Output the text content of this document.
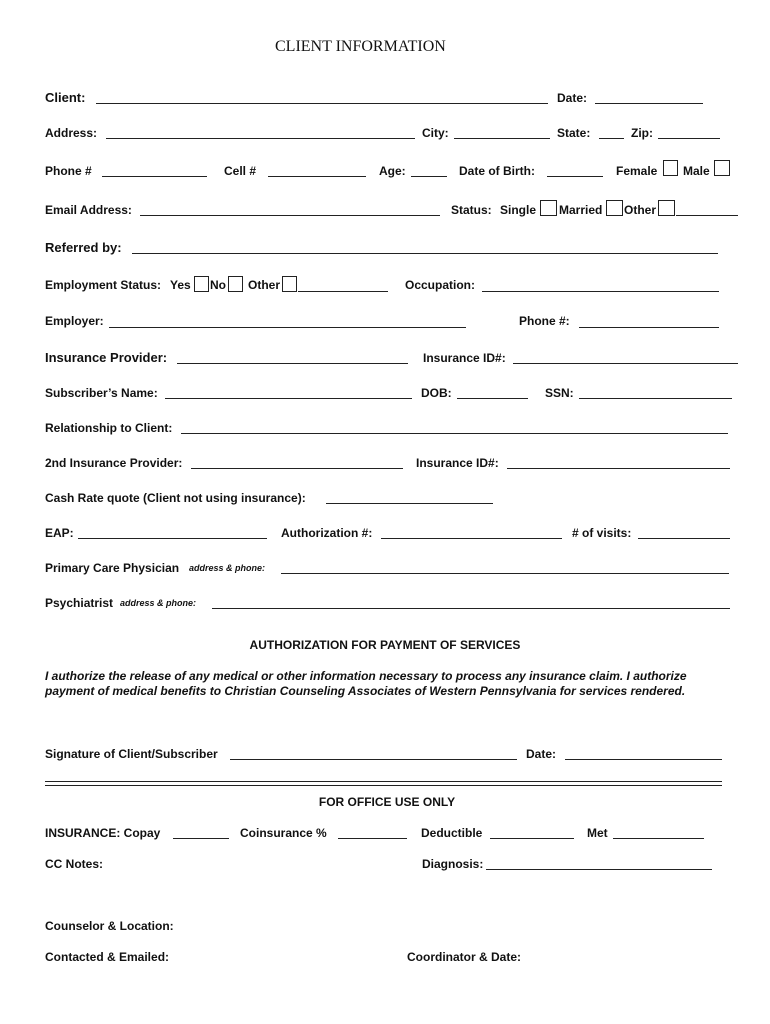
CLIENT INFORMATION
Client:	Date:
Address:	City:	State:	Zip:
Phone #	Cell #	Age:	Date of Birth:	Female Male
Email Address:	Status: Single Married Other
Referred by:
Employment Status: Yes No Other	Occupation:
Employer:	Phone #:
Insurance Provider:	Insurance ID#:
Subscriber’s Name:	DOB:	SSN:
Relationship to Client:
2nd Insurance Provider:	Insurance ID#:
Cash Rate quote (Client not using insurance):
EAP:	Authorization #:	# of visits:
Primary Care Physician address & phone:
Psychiatrist address & phone:
AUTHORIZATION FOR PAYMENT OF SERVICES
I authorize the release of any medical or other information necessary to process any insurance claim. I authorize
payment of medical benefits to Christian Counseling Associates of Western Pennsylvania for services rendered.
Signature of Client/Subscriber	Date:
FOR OFFICE USE ONLY
INSURANCE: Copay	Coinsurance %	Deductible	Met
CC Notes:	Diagnosis:
Counselor & Location:
Contacted & Emailed:	Coordinator & Date:
